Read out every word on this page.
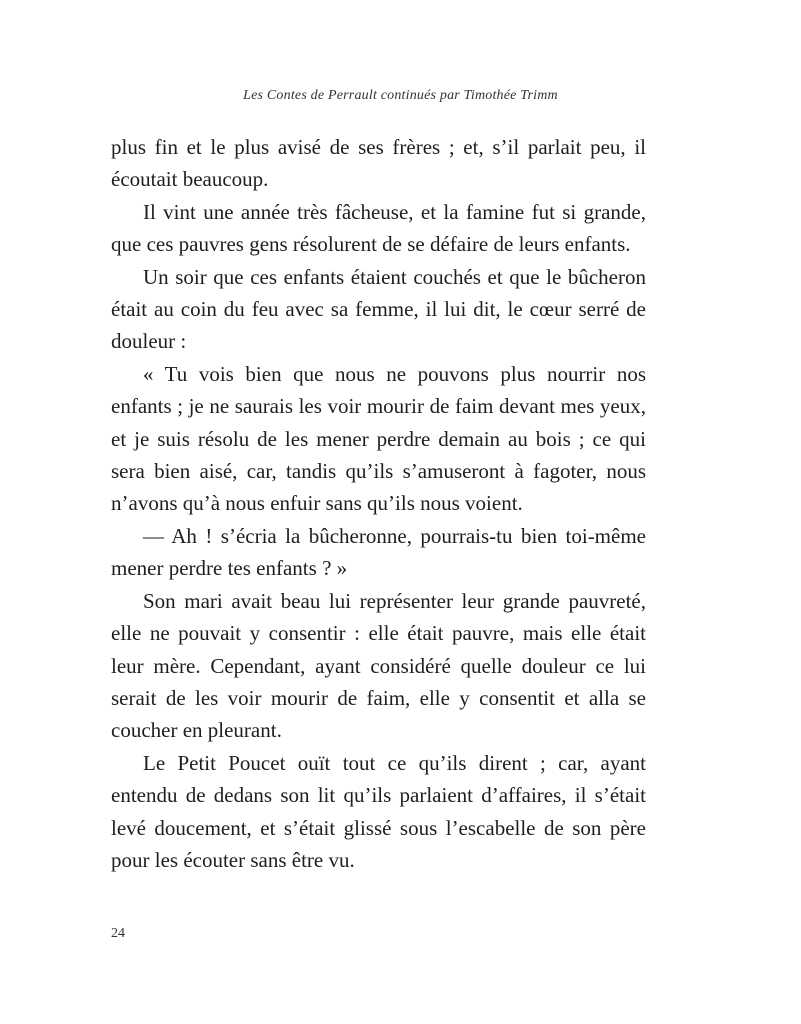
Les Contes de Perrault continués par Timothée Trimm

plus fin et le plus avisé de ses frères ; et, s’il parlait peu, il écoutait beaucoup.

Il vint une année très fâcheuse, et la famine fut si grande, que ces pauvres gens résolurent de se défaire de leurs enfants.

Un soir que ces enfants étaient couchés et que le bûcheron était au coin du feu avec sa femme, il lui dit, le cœur serré de douleur :

« Tu vois bien que nous ne pouvons plus nourrir nos enfants ; je ne saurais les voir mourir de faim devant mes yeux, et je suis résolu de les mener perdre demain au bois ; ce qui sera bien aisé, car, tandis qu’ils s’amuseront à fagoter, nous n’avons qu’à nous enfuir sans qu’ils nous voient.

— Ah ! s’écria la bûcheronne, pourrais-tu bien toi-même mener perdre tes enfants ? »

Son mari avait beau lui représenter leur grande pauvreté, elle ne pouvait y consentir : elle était pauvre, mais elle était leur mère. Cependant, ayant considéré quelle douleur ce lui serait de les voir mourir de faim, elle y consentit et alla se coucher en pleurant.

Le Petit Poucet ouït tout ce qu’ils dirent ; car, ayant entendu de dedans son lit qu’ils parlaient d’affaires, il s’était levé doucement, et s’était glissé sous l’escabelle de son père pour les écouter sans être vu.

24
